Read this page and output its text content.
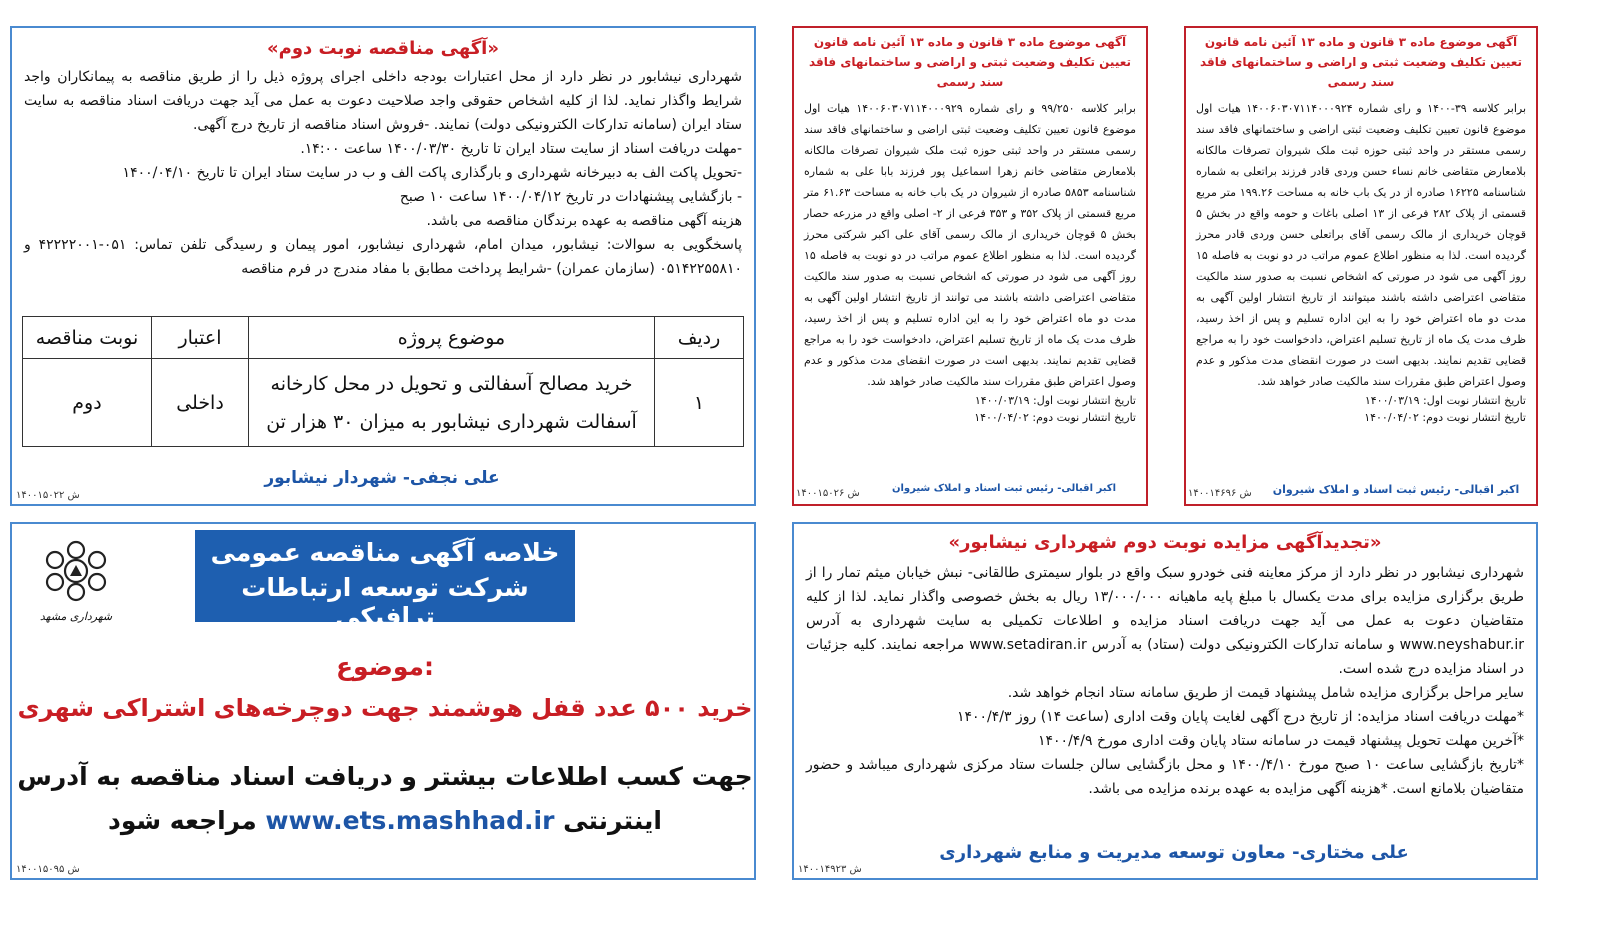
«آگهی مناقصه نوبت دوم»
شهرداری نیشابور در نظر دارد از محل اعتبارات بودجه داخلی اجرای پروژه ذیل را از طریق مناقصه به پیمانکاران واجد شرایط واگذار نماید. لذا از کلیه اشخاص حقوقی واجد صلاحیت دعوت به عمل می آید جهت دریافت اسناد مناقصه به سایت ستاد ایران (سامانه تدارکات الکترونیکی دولت) نمایند. -فروش اسناد مناقصه از تاریخ درج آگهی.
-مهلت دریافت اسناد از سایت ستاد ایران تا تاریخ ۱۴۰۰/۰۳/۳۰ ساعت ۱۴:۰۰.
-تحویل پاکت الف به دبیرخانه شهرداری و بارگذاری پاکت الف و ب در سایت ستاد ایران تا تاریخ ۱۴۰۰/۰۴/۱۰
- بازگشایی پیشنهادات در تاریخ ۱۴۰۰/۰۴/۱۲ ساعت ۱۰ صبح
هزینه آگهی مناقصه به عهده برندگان مناقصه می باشد.
پاسخگویی به سوالات: نیشابور، میدان امام، شهرداری نیشابور، امور پیمان و رسیدگی تلفن تماس: ۰۵۱-۴۲۲۲۲۰۰۱ و ۰۵۱۴۲۲۵۵۸۱۰ (سازمان عمران) -شرایط پرداخت مطابق با مفاد مندرج در فرم مناقصه
ردیف	موضوع پروژه	اعتبار	نوبت مناقصه
۱	خرید مصالح آسفالتی و تحویل در محل کارخانه آسفالت شهرداری نیشابور به میزان ۳۰ هزار تن	داخلی	دوم
علی نجفی- شهردار نیشابور
۱۴۰۰۱۵۰۲۲ ش
آگهی موضوع ماده ۳ قانون و ماده ۱۳ آئین نامه قانون تعیین تکلیف وضعیت ثبتی و اراضی و ساختمانهای فاقد سند رسمی
برابر کلاسه ۹۹/۲۵۰ و رای شماره ۱۴۰۰۶۰۳۰۷۱۱۴۰۰۰۹۲۹ هیات اول موضوع قانون تعیین تکلیف وضعیت ثبتی اراضی و ساختمانهای فاقد سند رسمی مستقر در واحد ثبتی حوزه ثبت ملک شیروان تصرفات مالکانه بلامعارض متقاضی خانم زهرا اسماعیل پور فرزند بابا علی به شماره شناسنامه ۵۸۵۳ صادره از شیروان در یک باب خانه به مساحت ۶۱.۶۳ متر مربع قسمتی از پلاک ۳۵۲ و ۳۵۳ فرعی از ۲- اصلی واقع در مزرعه حصار بخش ۵ قوچان خریداری از مالک رسمی آقای علی اکبر شرکتی محرز گردیده است. لذا به منظور اطلاع عموم مراتب در دو نوبت به فاصله ۱۵ روز آگهی می شود در صورتی که اشخاص نسبت به صدور سند مالکیت متقاضی اعتراضی داشته باشند می توانند از تاریخ انتشار اولین آگهی به مدت دو ماه اعتراض خود را به این اداره تسلیم و پس از اخذ رسید، ظرف مدت یک ماه از تاریخ تسلیم اعتراض، دادخواست خود را به مراجع قضایی تقدیم نمایند. بدیهی است در صورت انقضای مدت مذکور و عدم وصول اعتراض طبق مقررات سند مالکیت صادر خواهد شد.
تاریخ انتشار نوبت اول: ۱۴۰۰/۰۳/۱۹
تاریخ انتشار نوبت دوم: ۱۴۰۰/۰۴/۰۲
اکبر اقبالی- رئیس ثبت اسناد و املاک شیروان
۱۴۰۰۱۵۰۲۶ ش
آگهی موضوع ماده ۳ قانون و ماده ۱۳ آئین نامه قانون تعیین تکلیف وضعیت ثبتی و اراضی و ساختمانهای فاقد سند رسمی
برابر کلاسه ۳۹-۱۴۰۰ و رای شماره ۱۴۰۰۶۰۳۰۷۱۱۴۰۰۰۹۲۴ هیات اول موضوع قانون تعیین تکلیف وضعیت ثبتی اراضی و ساختمانهای فاقد سند رسمی مستقر در واحد ثبتی حوزه ثبت ملک شیروان تصرفات مالکانه بلامعارض متقاضی خانم نساء حسن وردی قادر فرزند براتعلی به شماره شناسنامه ۱۶۲۲۵ صادره از در یک باب خانه به مساحت ۱۹۹.۲۶ متر مربع قسمتی از پلاک ۲۸۲ فرعی از ۱۳ اصلی باغات و حومه واقع در بخش ۵ قوچان خریداری از مالک رسمی آقای براتعلی حسن وردی قادر محرز گردیده است. لذا به منظور اطلاع عموم مراتب در دو نوبت به فاصله ۱۵ روز آگهی می شود در صورتی که اشخاص نسبت به صدور سند مالکیت متقاضی اعتراضی داشته باشند میتوانند از تاریخ انتشار اولین آگهی به مدت دو ماه اعتراض خود را به این اداره تسلیم و پس از اخذ رسید، ظرف مدت یک ماه از تاریخ تسلیم اعتراض، دادخواست خود را به مراجع قضایی تقدیم نمایند. بدیهی است در صورت انقضای مدت مذکور و عدم وصول اعتراض طبق مقررات سند مالکیت صادر خواهد شد.
تاریخ انتشار نوبت اول: ۱۴۰۰/۰۳/۱۹
تاریخ انتشار نوبت دوم: ۱۴۰۰/۰۴/۰۲
اکبر اقبالی- رئیس ثبت اسناد و املاک شیروان
۱۴۰۰۱۴۶۹۶ ش
خلاصه آگهی مناقصه عمومی
شرکت توسعه ارتباطات ترافیکی
شهرداری مشهد
موضوع:
خرید ۵۰۰ عدد قفل هوشمند جهت دوچرخه‌های اشتراکی شهری
جهت کسب اطلاعات بیشتر و دریافت اسناد مناقصه به آدرس
اینترنتی www.ets.mashhad.ir مراجعه شود
۱۴۰۰۱۵۰۹۵ ش
«تجدیدآگهی مزایده نوبت دوم شهرداری نیشابور»
شهرداری نیشابور در نظر دارد از مرکز معاینه فنی خودرو سبک واقع در بلوار سیمتری طالقانی- نبش خیابان میثم تمار را از طریق برگزاری مزایده برای مدت یکسال با مبلغ پایه ماهیانه ۱۳/۰۰۰/۰۰۰ ریال به بخش خصوصی واگذار نماید. لذا از کلیه متقاضیان دعوت به عمل می آید جهت دریافت اسناد مزایده و اطلاعات تکمیلی به سایت شهرداری به آدرس www.neyshabur.ir و سامانه تدارکات الکترونیکی دولت (ستاد) به آدرس www.setadiran.ir مراجعه نمایند. کلیه جزئیات در اسناد مزایده درج شده است.
سایر مراحل برگزاری مزایده شامل پیشنهاد قیمت از طریق سامانه ستاد انجام خواهد شد.
*مهلت دریافت اسناد مزایده: از تاریخ درج آگهی لغایت پایان وقت اداری (ساعت ۱۴) روز ۱۴۰۰/۴/۳
*آخرین مهلت تحویل پیشنهاد قیمت در سامانه ستاد پایان وقت اداری مورخ ۱۴۰۰/۴/۹
*تاریخ بازگشایی ساعت ۱۰ صبح مورخ ۱۴۰۰/۴/۱۰ و محل بازگشایی سالن جلسات ستاد مرکزی شهرداری میباشد و حضور متقاضیان بلامانع است. *هزینه آگهی مزایده به عهده برنده مزایده می باشد.
علی مختاری- معاون توسعه مدیریت و منابع شهرداری
۱۴۰۰۱۴۹۲۳ ش
